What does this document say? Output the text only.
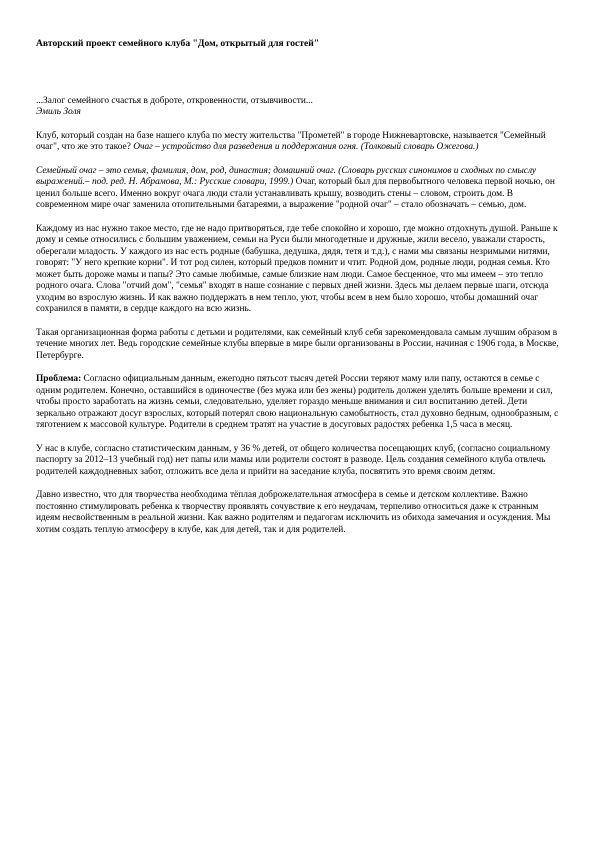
Авторский проект семейного клуба "Дом, открытый для гостей"
...Залог семейного счастья в доброте, откровенности, отзывчивости...
Эмиль Золя

Клуб, который создан на базе нашего клуба по месту жительства "Прометей" в городе Нижневартовске, называется "Семейный очаг", что же это такое? Очаг – устройство для разведения и поддержания огня. (Толковый словарь Ожегова.)

Семейный очаг – это семья, фамилия, дом, род, династия; домашний очаг. (Словарь русских синонимов и сходных по смыслу выражений.– под. ред. Н. Абрамова, М.: Русские словари, 1999.) Очаг, который был для первобытного человека первой ночью, он ценил больше всего. Именно вокруг очага люди стали устанавливать крышу, возводить стены – словом, строить дом. В современном мире очаг заменила отопительными батареями, а выражение "родной очаг" – стало обозначать – семью, дом.

Каждому из нас нужно такое место, где не надо притворяться, где тебе спокойно и хорошо, где можно отдохнуть душой. Раньше к дому и семье относились с большим уважением, семьи на Руси были многодетные и дружные, жили весело, уважали старость, оберегали младость. У каждого из нас есть родные (бабушка, дедушка, дядя, тетя и т.д.), с нами мы связаны незримыми нитями, говорят: "У него крепкие корни". И тот род силен, который предков помнит и чтит. Родной дом, родные люди, родная семья. Кто может быть дороже мамы и папы? Это самые любимые, самые близкие нам люди. Самое бесценное, что мы имеем – это тепло родного очага. Слова "отчий дом", "семья" входят в наше сознание с первых дней жизни. Здесь мы делаем первые шаги, отсюда уходим во взрослую жизнь. И как важно поддержать в нем тепло, уют, чтобы всем в нем было хорошо, чтобы домашний очаг сохранился в памяти, в сердце каждого на всю жизнь.

Такая организационная форма работы с детьми и родителями, как семейный клуб себя зарекомендовала самым лучшим образом в течение многих лет. Ведь городские семейные клубы впервые в мире были организованы в России, начиная с 1906 года, в Москве, Петербурге.

Проблема: Согласно официальным данным, ежегодно пятьсот тысяч детей России теряют маму или папу, остаются в семье с одним родителем. Конечно, оставшийся в одиночестве (без мужа или без жены) родитель должен уделять больше времени и сил, чтобы просто заработать на жизнь семьи, следовательно, уделяет гораздо меньше внимания и сил воспитанию детей. Дети зеркально отражают досуг взрослых, который потерял свою национальную самобытность, стал духовно бедным, однообразным, с тяготением к массовой культуре. Родители в среднем тратят на участие в досуговых радостях ребенка 1,5 часа в месяц.

У нас в клубе, согласно статистическим данным, у 36 % детей, от общего количества посещающих клуб, (согласно социальному паспорту за 2012–13 учебный год) нет папы или мамы или родители состоят в разводе. Цель создания семейного клуба отвлечь родителей каждодневных забот, отложить все дела и прийти на заседание клуба, посвятить это время своим детям.

Давно известно, что для творчества необходима тёплая доброжелательная атмосфера в семье и детском коллективе. Важно постоянно стимулировать ребенка к творчеству проявлять сочувствие к его неудачам, терпеливо относиться даже к странным идеям несвойственным в реальной жизни. Как важно родителям и педагогам исключить из обихода замечания и осуждения. Мы хотим создать теплую атмосферу в клубе, как для детей, так и для родителей.
